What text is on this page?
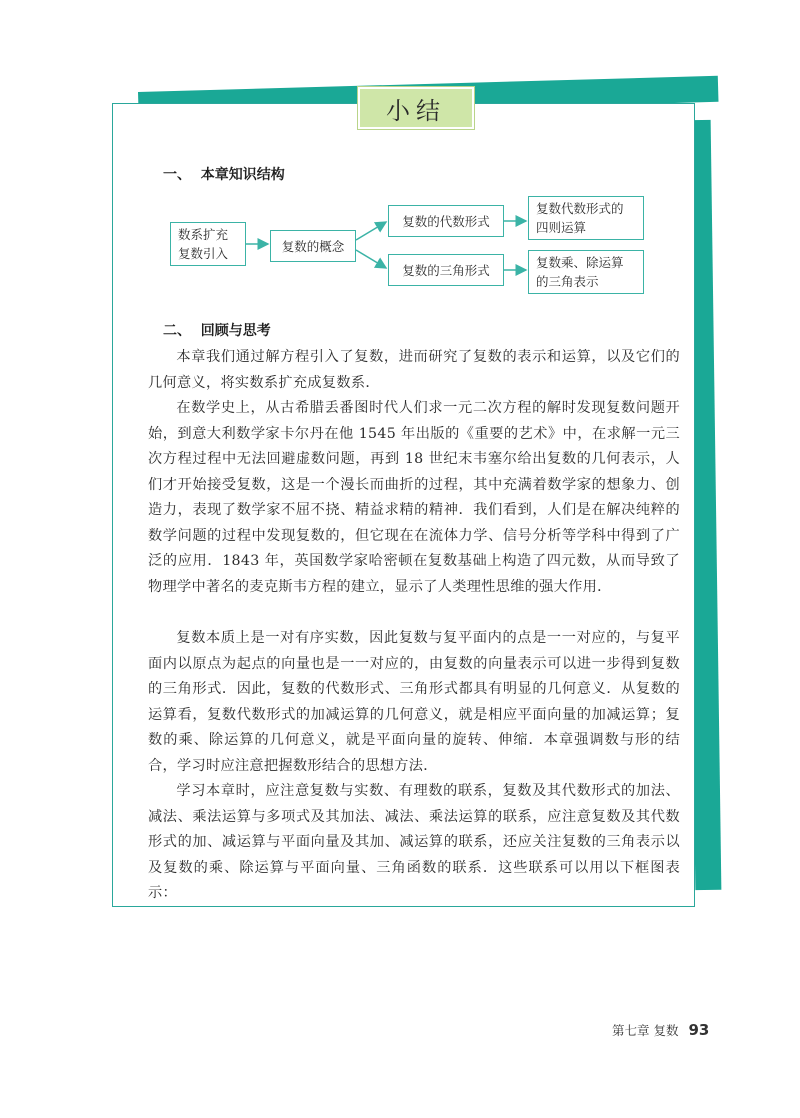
小结
一、  本章知识结构
数系扩充
复数引入	复数的概念
复数的代数形式
复数的三角形式
复数代数形式的
四则运算
复数乘、除运算
的三角表示
二、  回顾与思考
本章我们通过解方程引入了复数，进而研究了复数的表示和运算，以及它们的几何意义，将实数系扩充成复数系．
在数学史上，从古希腊丢番图时代人们求一元二次方程的解时发现复数问题开始，到意大利数学家卡尔丹在他 1545 年出版的《重要的艺术》中，在求解一元三次方程过程中无法回避虚数问题，再到 18 世纪末韦塞尔给出复数的几何表示，人们才开始接受复数，这是一个漫长而曲折的过程，其中充满着数学家的想象力、创造力，表现了数学家不屈不挠、精益求精的精神．我们看到，人们是在解决纯粹的数学问题的过程中发现复数的，但它现在在流体力学、信号分析等学科中得到了广泛的应用．1843 年，英国数学家哈密顿在复数基础上构造了四元数，从而导致了物理学中著名的麦克斯韦方程的建立，显示了人类理性思维的强大作用．
复数本质上是一对有序实数，因此复数与复平面内的点是一一对应的，与复平面内以原点为起点的向量也是一一对应的，由复数的向量表示可以进一步得到复数的三角形式．因此，复数的代数形式、三角形式都具有明显的几何意义．从复数的运算看，复数代数形式的加减运算的几何意义，就是相应平面向量的加减运算；复数的乘、除运算的几何意义，就是平面向量的旋转、伸缩．本章强调数与形的结合，学习时应注意把握数形结合的思想方法．
学习本章时，应注意复数与实数、有理数的联系，复数及其代数形式的加法、减法、乘法运算与多项式及其加法、减法、乘法运算的联系，应注意复数及其代数形式的加、减运算与平面向量及其加、减运算的联系，还应关注复数的三角表示以及复数的乘、除运算与平面向量、三角函数的联系．这些联系可以用以下框图表示：
第七章 复数 93
